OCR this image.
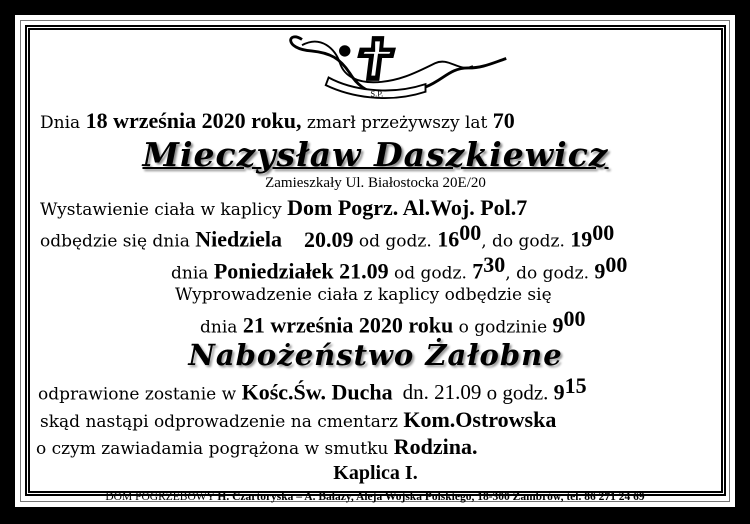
Ś.P.
Dnia 18 września 2020 roku, zmarł przeżywszy lat 70
Mieczysław Daszkiewicz
Zamieszkały Ul. Białostocka 20E/20
Wystawienie ciała w kaplicy Dom Pogrz. Al.Woj. Pol.7
odbędzie się dnia Niedziela 20.09 od godz. $16^{00}$, do godz. $19^{00}$
dnia Poniedziałek 21.09 od godz. $7^{30}$, do godz. $9^{00}$
Wyprowadzenie ciała z kaplicy odbędzie się
dnia 21 września 2020 roku o godzinie $9^{00}$
Nabożeństwo Żałobne
odprawione zostanie w Kośc.Św. Ducha dn. 21.09 o godz. $9^{15}$
skąd nastąpi odprowadzenie na cmentarz Kom.Ostrowska
o czym zawiadamia pogrążona w smutku Rodzina.
Kaplica I.
DOM POGRZEBOWY H. Czartoryska – A. Bałazy, Aleja Wojska Polskiego, 18-300 Zambrów, tel. 86 271 24 69
